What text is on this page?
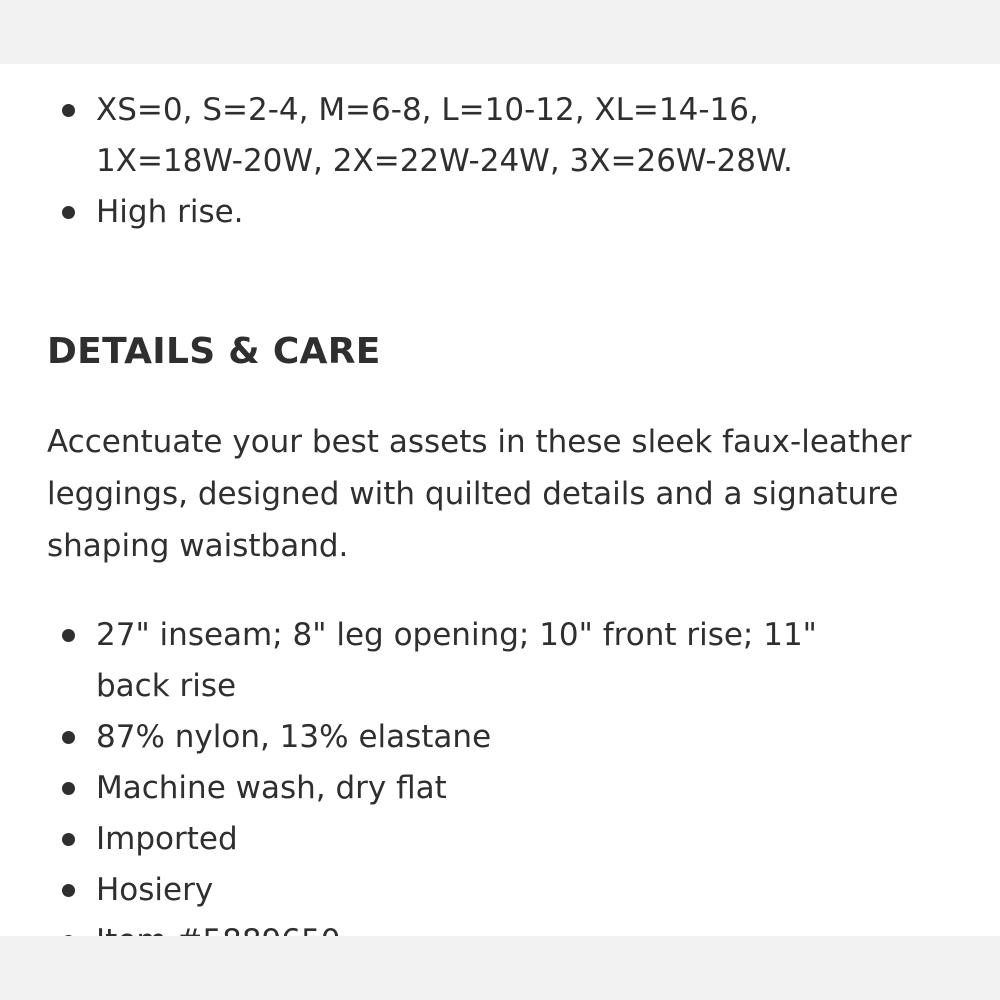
XS=0, S=2-4, M=6-8, L=10-12, XL=14-16, 1X=18W-20W, 2X=22W-24W, 3X=26W-28W.
High rise.
DETAILS & CARE

Accentuate your best assets in these sleek faux-leather leggings, designed with quilted details and a signature shaping waistband.

27" inseam; 8" leg opening; 10" front rise; 11" back rise
87% nylon, 13% elastane
Machine wash, dry flat
Imported
Hosiery
